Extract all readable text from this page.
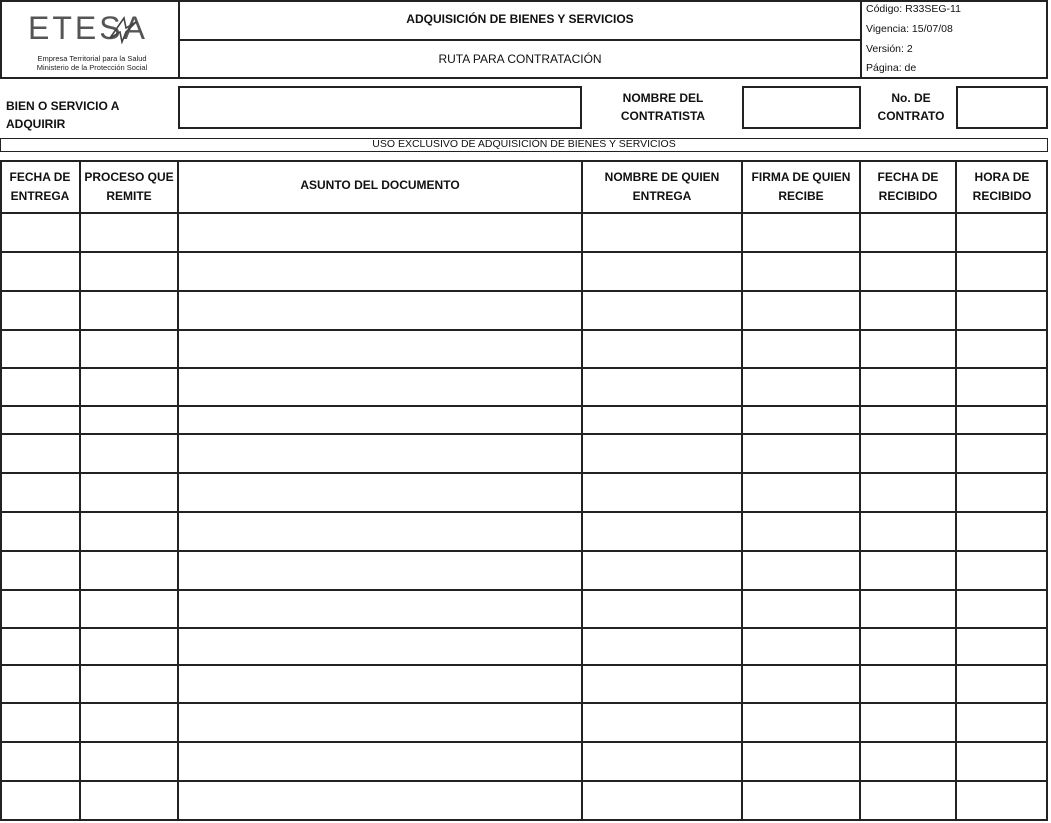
ETESA
Empresa Territorial para la Salud
Ministerio de la Protección Social
ADQUISICIÓN DE BIENES Y SERVICIOS
RUTA PARA CONTRATACIÓN
Código: R33SEG-11
Vigencia: 15/07/08
Versión: 2
Página: de
BIEN O SERVICIO A ADQUIRIR
NOMBRE DEL
CONTRATISTA
No. DE
CONTRATO
USO EXCLUSIVO DE ADQUISICIÓN DE BIENES Y SERVICIOS
FECHA DE
ENTREGA
PROCESO QUE
REMITE
ASUNTO DEL DOCUMENTO
NOMBRE DE QUIEN
ENTREGA
FIRMA DE QUIEN
RECIBE
FECHA DE
RECIBIDO
HORA DE
RECIBIDO
